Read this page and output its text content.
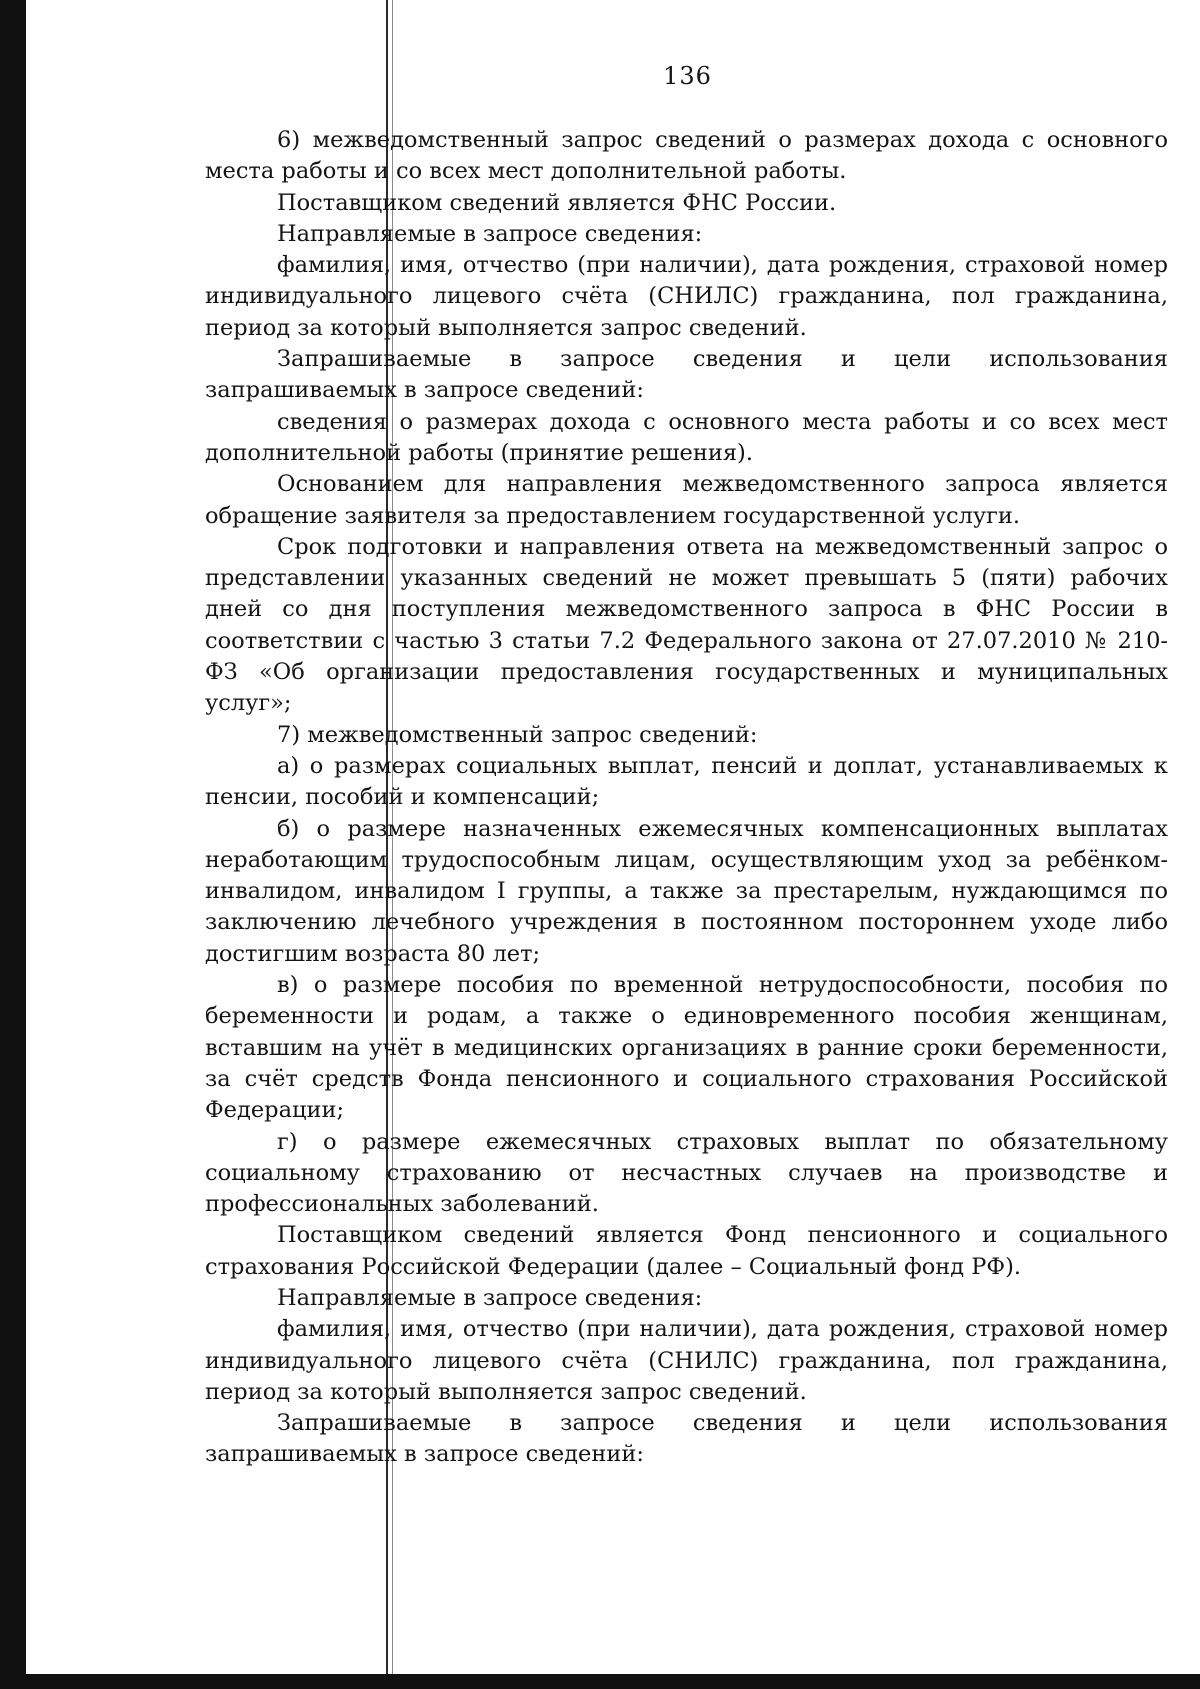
136

6) межведомственный запрос сведений о размерах дохода с основного места работы и со всех мест дополнительной работы.

Поставщиком сведений является ФНС России.

Направляемые в запросе сведения:

фамилия, имя, отчество (при наличии), дата рождения, страховой номер индивидуального лицевого счёта (СНИЛС) гражданина, пол гражданина, период за который выполняется запрос сведений.

Запрашиваемые в запросе сведения и цели использования запрашиваемых в запросе сведений:

сведения о размерах дохода с основного места работы и со всех мест дополнительной работы (принятие решения).

Основанием для направления межведомственного запроса является обращение заявителя за предоставлением государственной услуги.

Срок подготовки и направления ответа на межведомственный запрос о представлении указанных сведений не может превышать 5 (пяти) рабочих дней со дня поступления межведомственного запроса в ФНС России в соответствии с частью 3 статьи 7.2 Федерального закона от 27.07.2010 № 210-ФЗ «Об организации предоставления государственных и муниципальных услуг»;

7) межведомственный запрос сведений:

а) о размерах социальных выплат, пенсий и доплат, устанавливаемых к пенсии, пособий и компенсаций;

б) о размере назначенных ежемесячных компенсационных выплатах неработающим трудоспособным лицам, осуществляющим уход за ребёнком-инвалидом, инвалидом I группы, а также за престарелым, нуждающимся по заключению лечебного учреждения в постоянном постороннем уходе либо достигшим возраста 80 лет;

в) о размере пособия по временной нетрудоспособности, пособия по беременности и родам, а также о единовременного пособия женщинам, вставшим на учёт в медицинских организациях в ранние сроки беременности, за счёт средств Фонда пенсионного и социального страхования Российской Федерации;

г) о размере ежемесячных страховых выплат по обязательному социальному страхованию от несчастных случаев на производстве и профессиональных заболеваний.

Поставщиком сведений является Фонд пенсионного и социального страхования Российской Федерации (далее – Социальный фонд РФ).

Направляемые в запросе сведения:

фамилия, имя, отчество (при наличии), дата рождения, страховой номер индивидуального лицевого счёта (СНИЛС) гражданина, пол гражданина, период за который выполняется запрос сведений.

Запрашиваемые в запросе сведения и цели использования запрашиваемых в запросе сведений:
